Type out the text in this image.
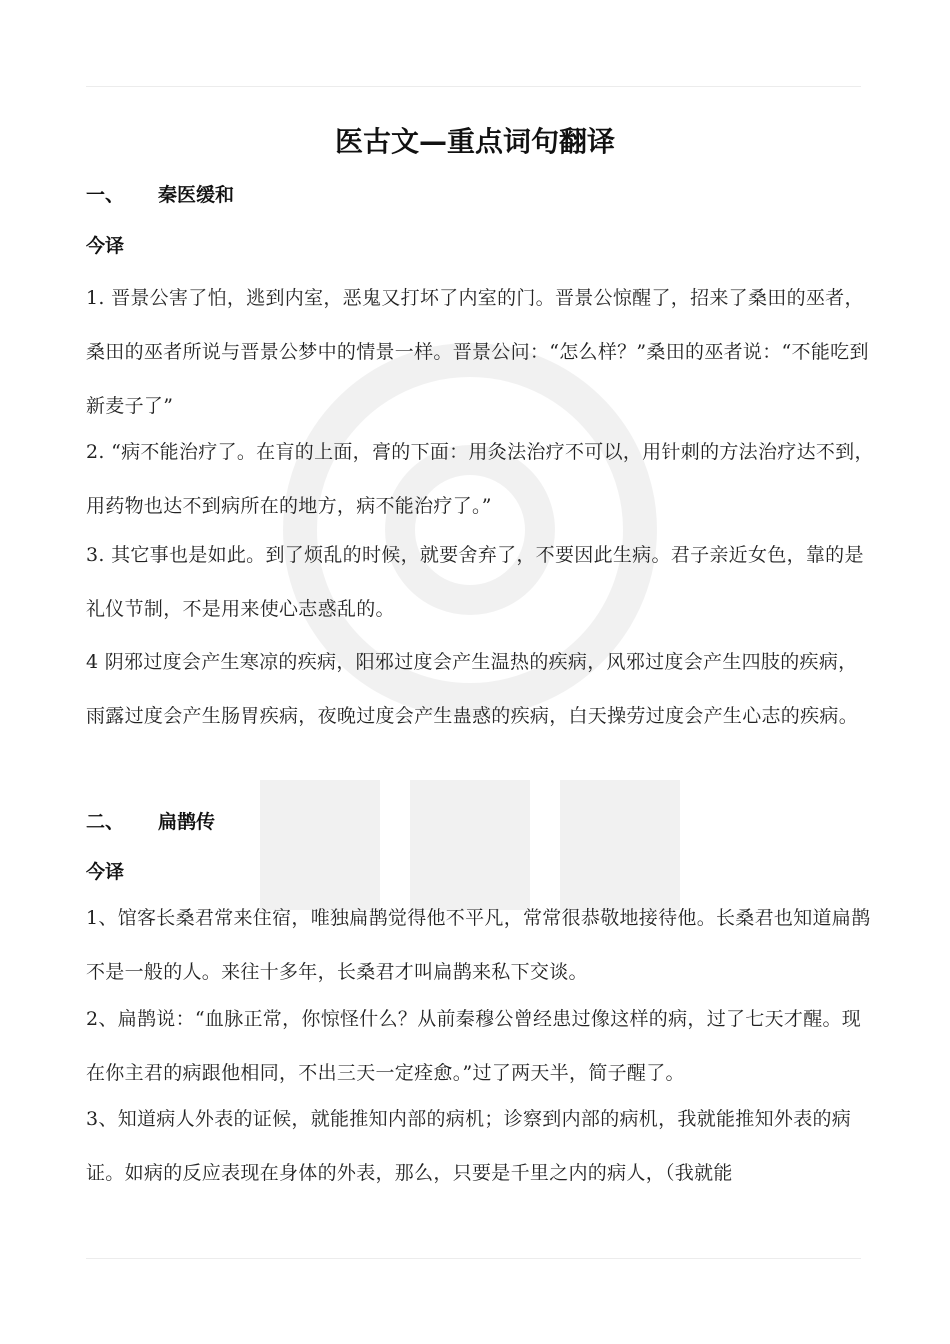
医古文—重点词句翻译
一、 秦医缓和
今译
1. 晋景公害了怕，逃到内室，恶鬼又打坏了内室的门。晋景公惊醒了，招来了桑田的巫者，桑田的巫者所说与晋景公梦中的情景一样。晋景公问：“怎么样？”桑田的巫者说：“不能吃到新麦子了”
2. “病不能治疗了。在肓的上面，膏的下面：用灸法治疗不可以，用针刺的方法治疗达不到，用药物也达不到病所在的地方，病不能治疗了。”
3. 其它事也是如此。到了烦乱的时候，就要舍弃了，不要因此生病。君子亲近女色，靠的是礼仪节制，不是用来使心志惑乱的。
4 阴邪过度会产生寒凉的疾病，阳邪过度会产生温热的疾病，风邪过度会产生四肢的疾病，雨露过度会产生肠胃疾病，夜晚过度会产生蛊惑的疾病，白天操劳过度会产生心志的疾病。
二、 扁鹊传
今译
1、馆客长桑君常来住宿，唯独扁鹊觉得他不平凡，常常很恭敬地接待他。长桑君也知道扁鹊不是一般的人。来往十多年，长桑君才叫扁鹊来私下交谈。
2、扁鹊说：“血脉正常，你惊怪什么？从前秦穆公曾经患过像这样的病，过了七天才醒。现在你主君的病跟他相同，不出三天一定痊愈。”过了两天半，简子醒了。
3、知道病人外表的证候，就能推知内部的病机；诊察到内部的病机，我就能推知外表的病证。如病的反应表现在身体的外表，那么，只要是千里之内的病人，（我就能
